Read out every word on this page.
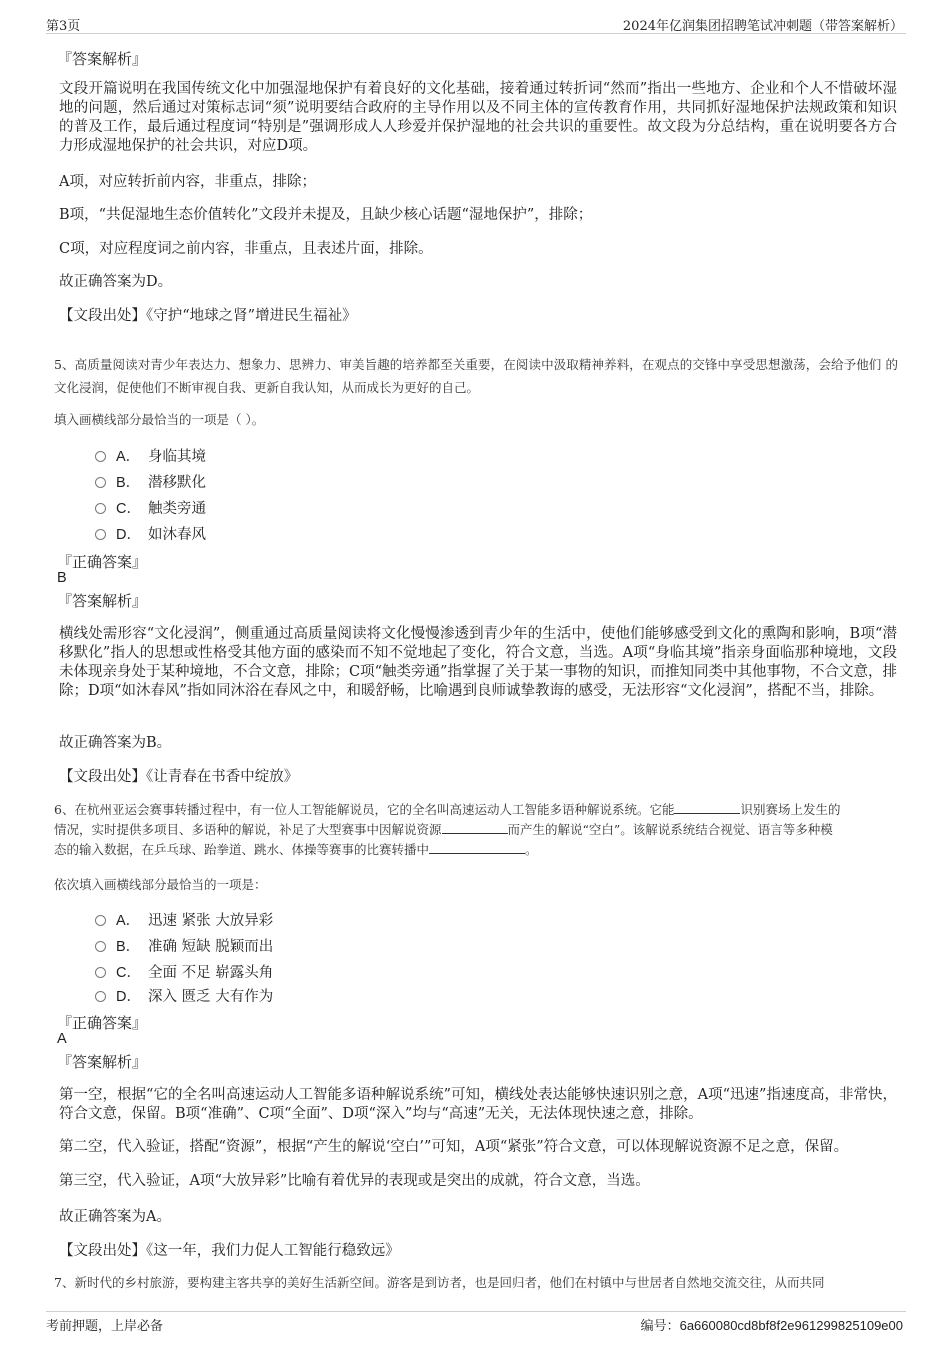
第3页	2024年亿润集团招聘笔试冲刺题（带答案解析）
『答案解析』
文段开篇说明在我国传统文化中加强湿地保护有着良好的文化基础，接着通过转折词“然而”指出一些地方、企业和个人不惜破坏湿地的问题，然后通过对策标志词“须”说明要结合政府的主导作用以及不同主体的宣传教育作用，共同抓好湿地保护法规政策和知识的普及工作，最后通过程度词“特别是”强调形成人人珍爱并保护湿地的社会共识的重要性。故文段为分总结构，重在说明要各方合力形成湿地保护的社会共识，对应D项。
A项，对应转折前内容，非重点，排除；
B项，“共促湿地生态价值转化”文段并未提及，且缺少核心话题“湿地保护”，排除；
C项，对应程度词之前内容，非重点，且表述片面，排除。
故正确答案为D。
【文段出处】《守护“地球之肾”增进民生福祉》
5、高质量阅读对青少年表达力、想象力、思辨力、审美旨趣的培养都至关重要，在阅读中汲取精神养料，在观点的交锋中享受思想激荡，会给予他们 的文化浸润，促使他们不断审视自我、更新自我认知，从而成长为更好的自己。
填入画横线部分最恰当的一项是（ ）。
A． 身临其境
B． 潜移默化
C． 触类旁通
D． 如沐春风
『正确答案』
B
『答案解析』
横线处需形容“文化浸润”，侧重通过高质量阅读将文化慢慢渗透到青少年的生活中，使他们能够感受到文化的熏陶和影响，B项“潜移默化”指人的思想或性格受其他方面的感染而不知不觉地起了变化，符合文意，当选。A项“身临其境”指亲身面临那种境地，文段未体现亲身处于某种境地，不合文意，排除；C项“触类旁通”指掌握了关于某一事物的知识，而推知同类中其他事物，不合文意，排除；D项“如沐春风”指如同沐浴在春风之中，和暖舒畅，比喻遇到良师诚挚教诲的感受，无法形容“文化浸润”，搭配不当，排除。
故正确答案为B。
【文段出处】《让青春在书香中绽放》
6、在杭州亚运会赛事转播过程中，有一位人工智能解说员，它的全名叫高速运动人工智能多语种解说系统。它能	识别赛场上发生的
情况，实时提供多项目、多语种的解说，补足了大型赛事中因解说资源	而产生的解说“空白”。该解说系统结合视觉、语言等多种模
态的输入数据，在乒乓球、跆拳道、跳水、体操等赛事的比赛转播中	。
依次填入画横线部分最恰当的一项是：
A． 迅速 紧张 大放异彩
B． 准确 短缺 脱颖而出
C． 全面 不足 崭露头角
D． 深入 匮乏 大有作为
『正确答案』
A
『答案解析』
第一空，根据“它的全名叫高速运动人工智能多语种解说系统”可知，横线处表达能够快速识别之意，A项“迅速”指速度高，非常快，符合文意，保留。B项“准确”、C项“全面”、D项“深入”均与“高速”无关，无法体现快速之意，排除。
第二空，代入验证，搭配“资源”，根据“产生的解说‘空白’”可知，A项“紧张”符合文意，可以体现解说资源不足之意，保留。
第三空，代入验证，A项“大放异彩”比喻有着优异的表现或是突出的成就，符合文意，当选。
故正确答案为A。
【文段出处】《这一年，我们力促人工智能行稳致远》
7、新时代的乡村旅游，要构建主客共享的美好生活新空间。游客是到访者，也是回归者，他们在村镇中与世居者自然地交流交往，从而共同
考前押题，上岸必备	编号：6a660080cd8bf8f2e961299825109e00
